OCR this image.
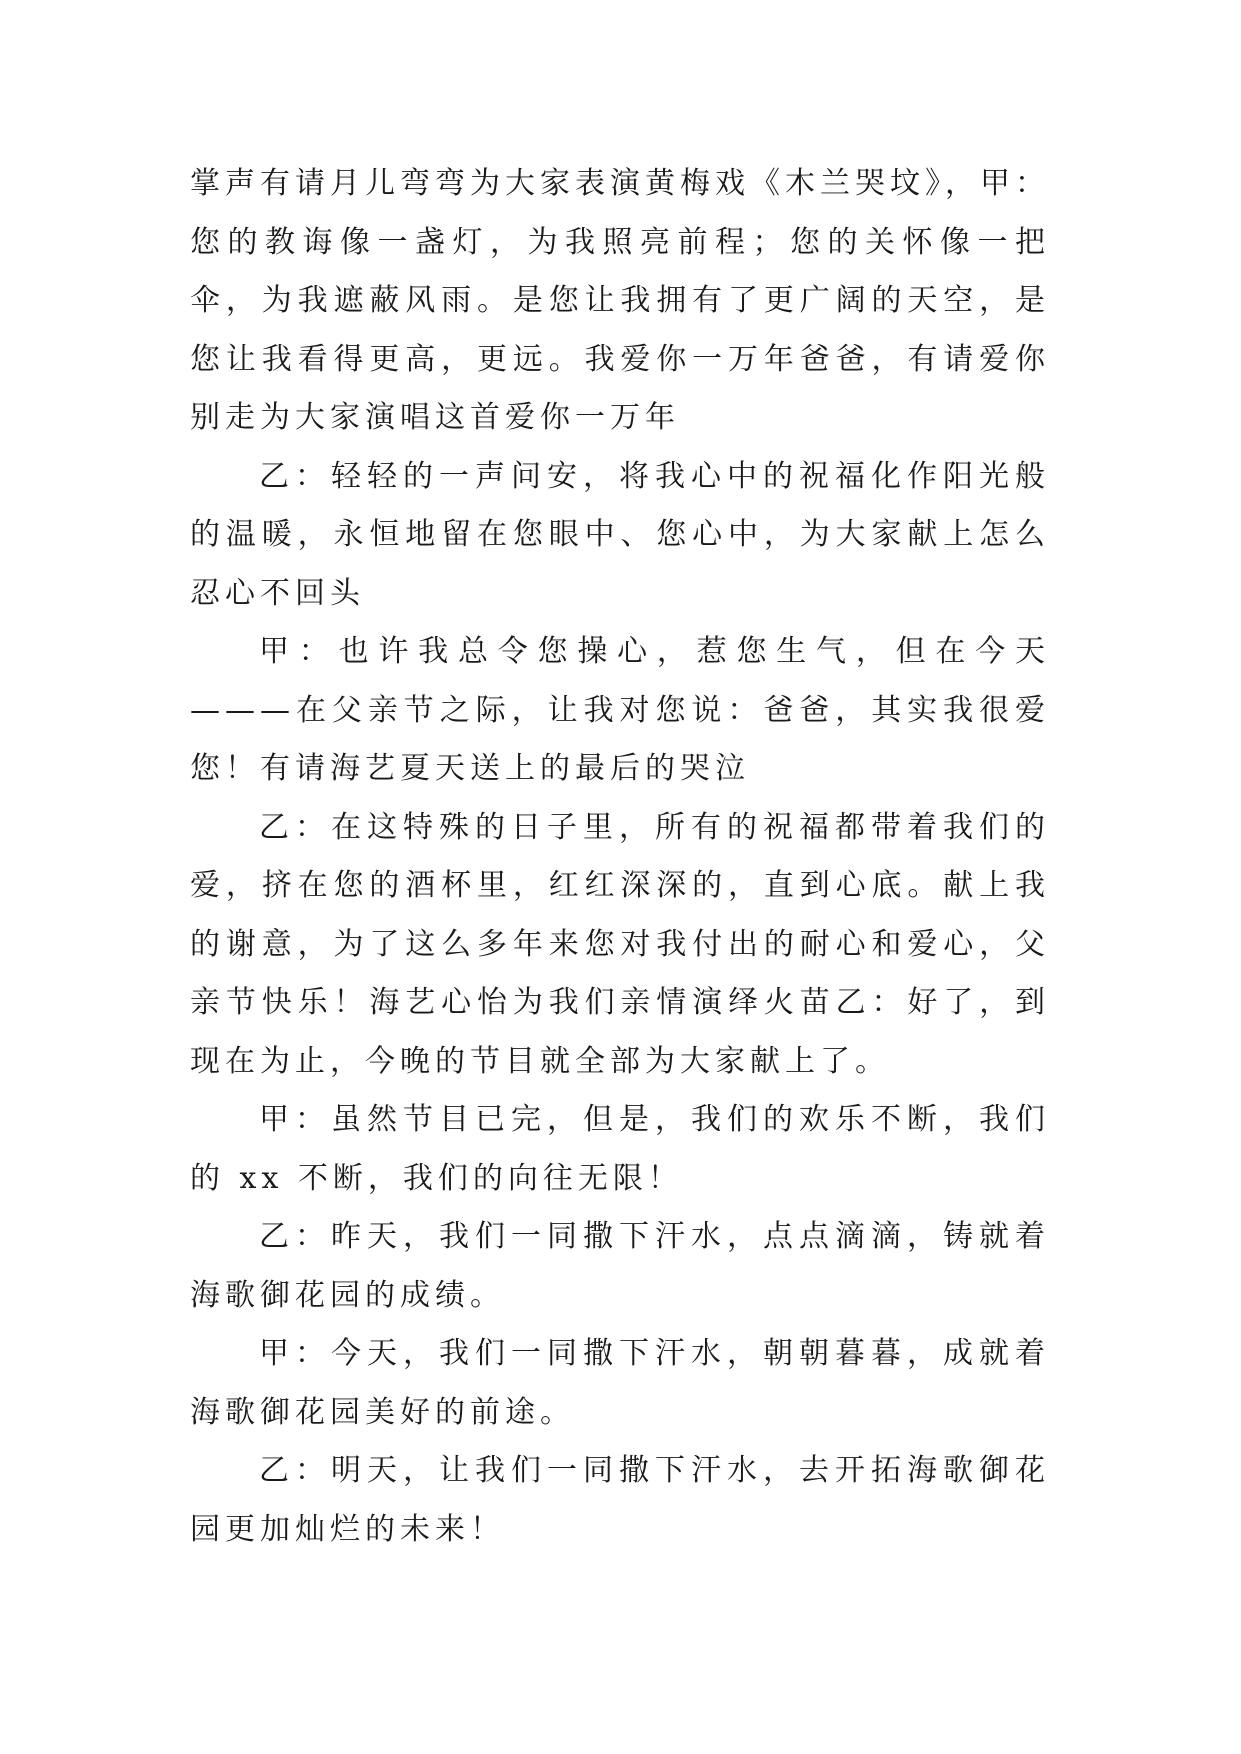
掌声有请月儿弯弯为大家表演黄梅戏《木兰哭坟》，甲：您的教诲像一盏灯，为我照亮前程；您的关怀像一把伞，为我遮蔽风雨。是您让我拥有了更广阔的天空，是您让我看得更高，更远。我爱你一万年爸爸，有请爱你别走为大家演唱这首爱你一万年

乙：轻轻的一声问安，将我心中的祝福化作阳光般的温暖，永恒地留在您眼中、您心中，为大家献上怎么忍心不回头

甲：也许我总令您操心，惹您生气，但在今天———在父亲节之际，让我对您说：爸爸，其实我很爱您！有请海艺夏天送上的最后的哭泣

乙：在这特殊的日子里，所有的祝福都带着我们的爱，挤在您的酒杯里，红红深深的，直到心底。献上我的谢意，为了这么多年来您对我付出的耐心和爱心，父亲节快乐！海艺心怡为我们亲情演绎火苗乙：好了，到现在为止，今晚的节目就全部为大家献上了。

甲：虽然节目已完，但是，我们的欢乐不断，我们的 xx 不断，我们的向往无限！

乙：昨天，我们一同撒下汗水，点点滴滴，铸就着海歌御花园的成绩。

甲：今天，我们一同撒下汗水，朝朝暮暮，成就着海歌御花园美好的前途。

乙：明天，让我们一同撒下汗水，去开拓海歌御花园更加灿烂的未来！
